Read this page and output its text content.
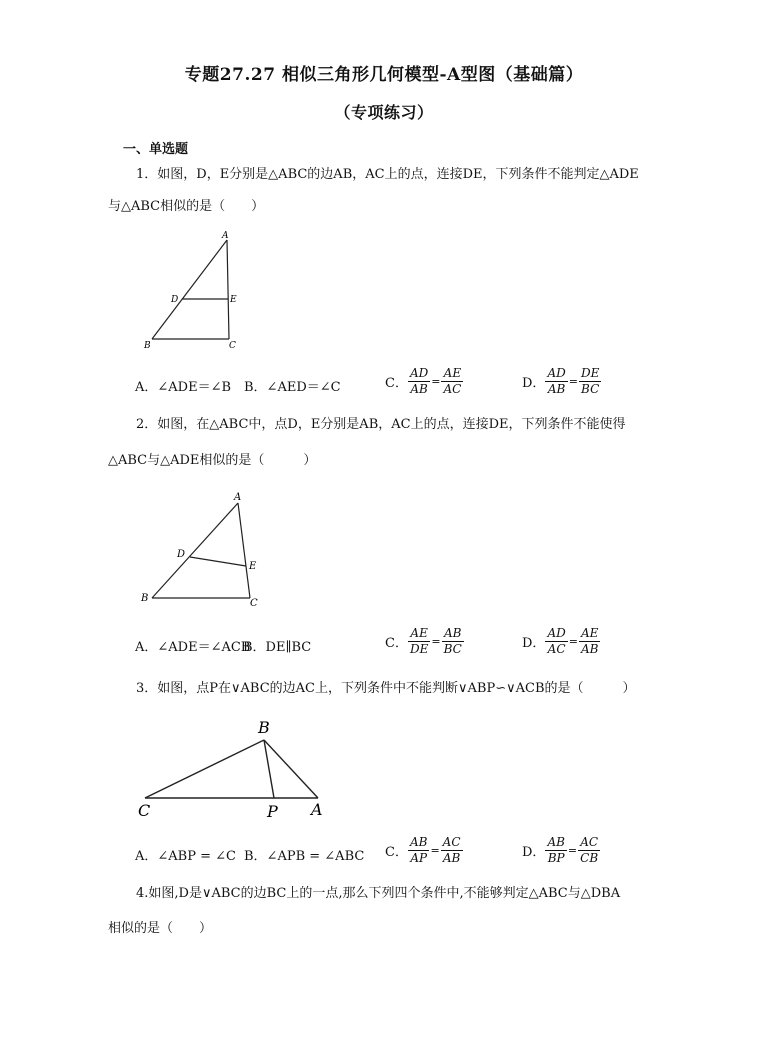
专题27.27 相似三角形几何模型-A型图（基础篇）
（专项练习）
一、单选题
1．如图，D，E分别是△ABC的边AB，AC上的点，连接DE，下列条件不能判定△ADE
与△ABC相似的是（　　）
A
B	C
D	E
A．∠ADE＝∠B B．∠AED＝∠C	C． $\frac{AD}{AB} = \frac{AE}{AC}$	D． $\frac{AD}{AB} = \frac{DE}{BC}$
2．如图，在△ABC中，点D，E分别是AB，AC上的点，连接DE，下列条件不能使得
△ABC与△ADE相似的是（　　　）
A
B	C
D
E
A．∠ADE＝∠ACB
B．DE∥BC	C． $\frac{AE}{DE} = \frac{AB}{BC}$	D． $\frac{AD}{AC} = \frac{AE}{AB}$
3．如图，点P在∨ABC的边AC上，下列条件中不能判断∨ABP∽∨ACB的是（　　　）
B
C	P A
A．∠ABP = ∠C B．∠APB = ∠ABC C． $\frac{AB}{AP} = \frac{AC}{AB}$	D． $\frac{AB}{BP} = \frac{AC}{CB}$
4.如图,D是∨ABC的边BC上的一点,那么下列四个条件中,不能够判定△ABC与△DBA
相似的是（　　）
